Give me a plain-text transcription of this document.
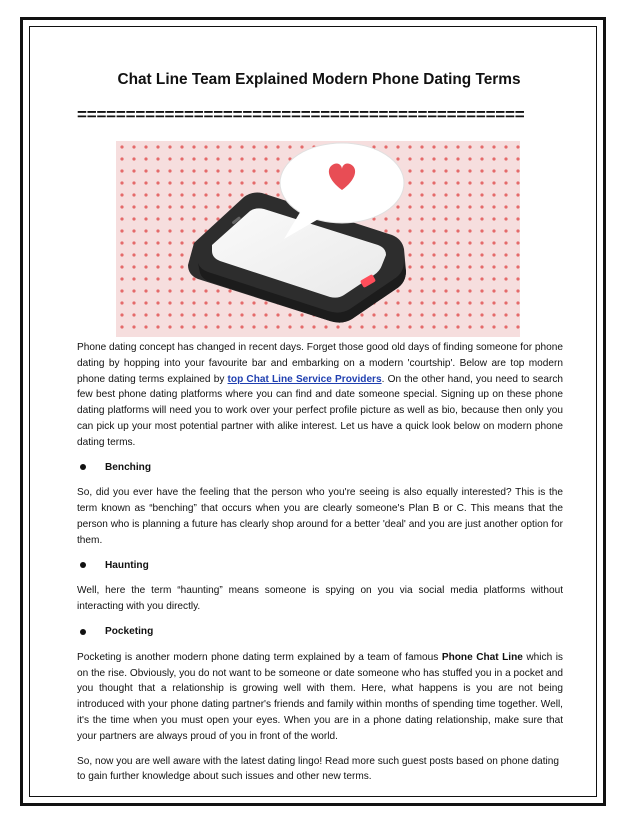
Chat Line Team Explained Modern Phone Dating Terms
==============================================

Phone dating concept has changed in recent days. Forget those good old days of finding someone for phone dating by hopping into your favourite bar and embarking on a modern 'courtship'. Below are top modern phone dating terms explained by top Chat Line Service Providers. On the other hand, you need to search few best phone dating platforms where you can find and date someone special. Signing up on these phone dating platforms will need you to work over your perfect profile picture as well as bio, because then only you can pick up your most potential partner with alike interest. Let us have a quick look below on modern phone dating terms.

Benching

So, did you ever have the feeling that the person who you're seeing is also equally interested? This is the term known as “benching” that occurs when you are clearly someone's Plan B or C. This means that the person who is planning a future has clearly shop around for a better 'deal' and you are just another option for them.

Haunting

Well, here the term “haunting” means someone is spying on you via social media platforms without interacting with you directly.

Pocketing

Pocketing is another modern phone dating term explained by a team of famous Phone Chat Line which is on the rise. Obviously, you do not want to be someone or date someone who has stuffed you in a pocket and you thought that a relationship is growing well with them. Here, what happens is you are not being introduced with your phone dating partner's friends and family within months of spending time together. Well, it's the time when you must open your eyes. When you are in a phone dating relationship, make sure that your partners are always proud of you in front of the world.

So, now you are well aware with the latest dating lingo! Read more such guest posts based on phone dating to gain further knowledge about such issues and other new terms.
